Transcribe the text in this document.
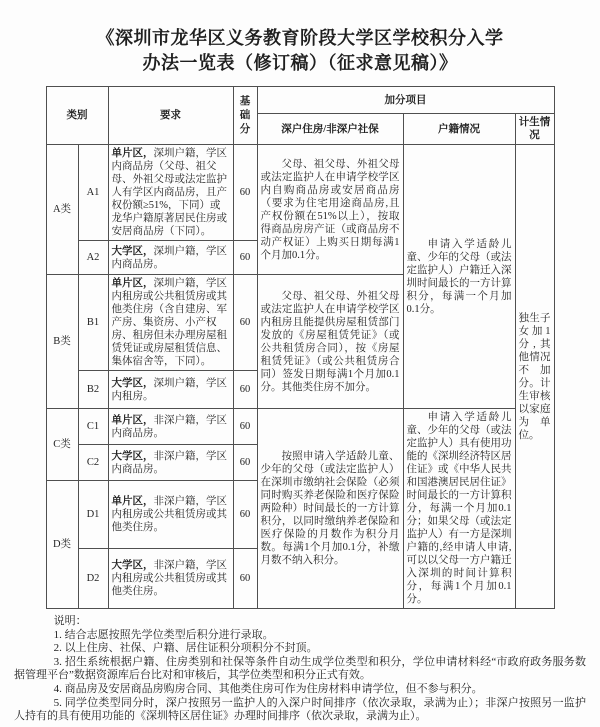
《深圳市龙华区义务教育阶段大学区学校积分入学办法一览表（修订稿）（征求意见稿）》
类别		要求	基础分	加分项目		
				深户住房/非深户社保	户籍情况	计生情况
A类	A1	单片区，深圳户籍，学区内商品房（父母、祖父母、外祖父母或法定监护人有学区内商品房，且产权份额≥51%，下同）或龙华户籍原著居民住房或安居商品房（下同）。	60	父母、祖父母、外祖父母或法定监护人在申请学校学区内自购商品房或安居商品房（要求为住宅用途商品房,且产权份额在51%以上），按取得商品房房产证（或商品房不动产权证）上购买日期每满1个月加0.1分。	申请入学适龄儿童、少年的父母（或法定监护人）户籍迁入深圳时间最长的一方计算积分，每满一个月加0.1分。	独生子女加1分,其他情况不加分。计生审核以家庭为单位。

	A2	大学区，深圳户籍，学区内商品房。	60			
B类	B1	单片区，深圳户籍，学区内租房或公共租赁房或其他类住房（含自建房、军产房、集资房、小产权房、租房但未办理房屋租赁凭证或房屋租赁信息、集体宿舍等，下同）。	60	父母、祖父母、外祖父母或法定监护人在申请学校学区内租房且能提供房屋租赁部门发放的《房屋租赁凭证》（或公共租赁房合同），按《房屋租赁凭证》（或公共租赁房合同）签发日期每满1个月加0.1分。其他类住房不加分。		

	B2	大学区，深圳户籍，学区内租房。	60			
C类	C1	单片区，非深户籍，学区内商品房。	60	按照申请入学适龄儿童、少年的父母（或法定监护人）在深圳市缴纳社会保险（必须同时购买养老保险和医疗保险两险种）时间最长的一方计算积分，以同时缴纳养老保险和医疗保险的月数作为积分月数。每满1个月加0.1分，补缴月数不纳入积分。	申请入学适龄儿童、少年的父母（或法定监护人）具有使用功能的《深圳经济特区居住证》或《中华人民共和国港澳居民居住证》时间最长的一方计算积分，每满一个月加0.1分；如果父母（或法定监护人）有一方是深圳户籍的,经申请人申请,可以以父母一方户籍迁入深圳的时间计算积分，每满1个月加0.1分。	

	C2	大学区，非深户籍，学区内商品房。	60			
D类	D1	单片区，非深户籍，学区内租房或公共租赁房或其他类住房。	60			
	D2	大学区，非深户籍，学区内租房或公共租赁房或其他类住房。	60			

说明：

1. 结合志愿按照先学位类型后积分进行录取。

2. 以上住房、社保、户籍、居住证积分项积分不封顶。

3. 招生系统根据户籍、住房类别和社保等条件自动生成学位类型和积分，学位申请材料经“市政府政务服务数据管理平台”数据资源库后台比对和审核后，其学位类型和积分正式有效。

4. 商品房及安居商品房购房合同、其他类住房可作为住房材料申请学位，但不参与积分。

5. 同学位类型同分时，深户按照另一监护人的入深户时间排序（依次录取，录满为止）；非深户按照另一监护人持有的具有使用功能的《深圳特区居住证》办理时间排序（依次录取，录满为止）。
